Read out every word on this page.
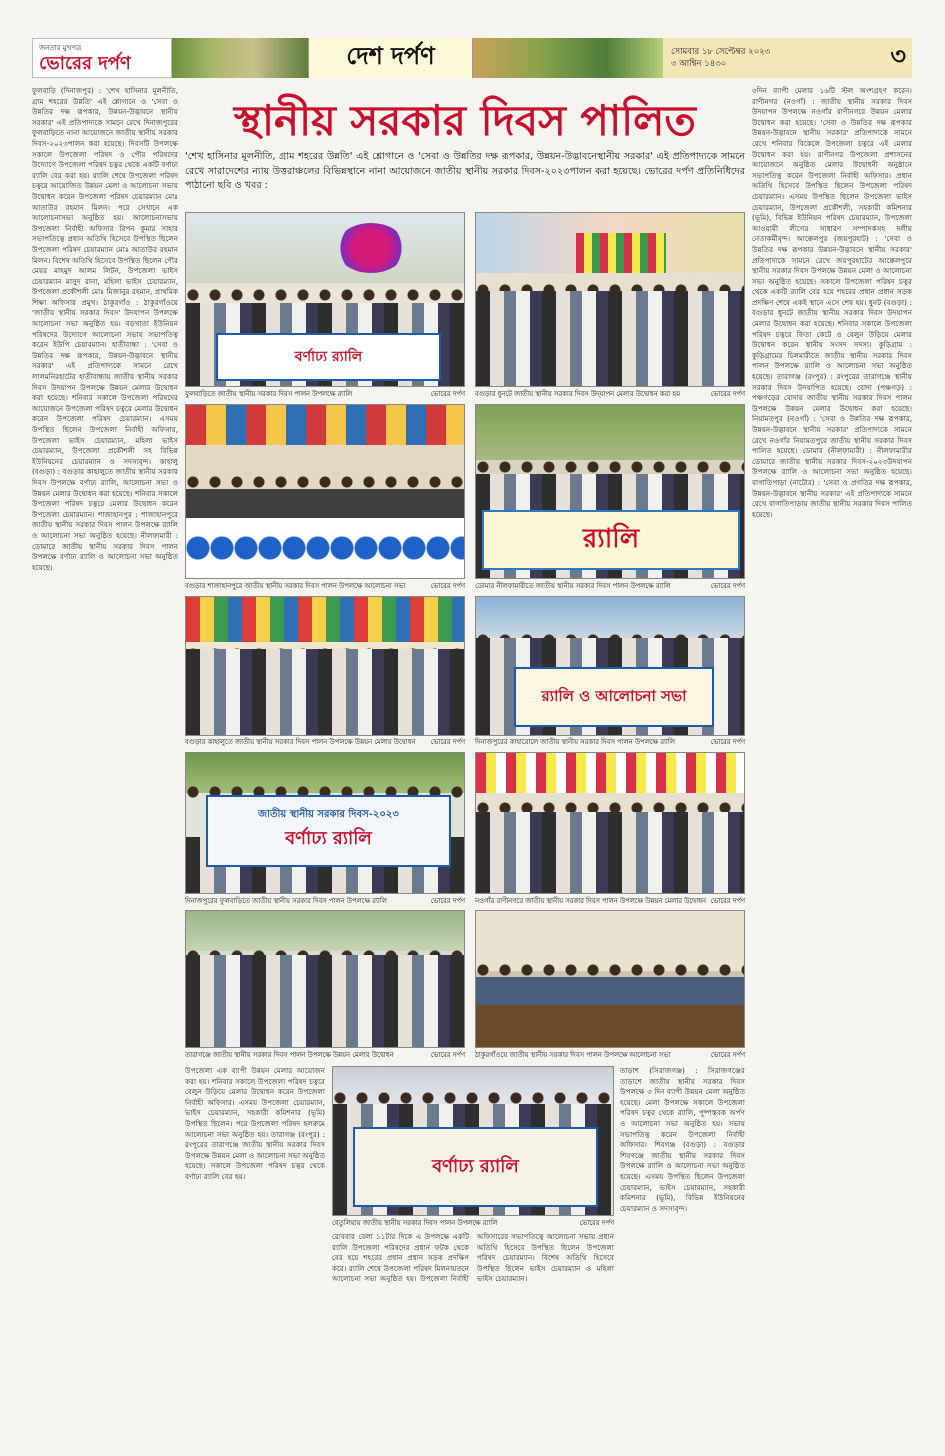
জনতার মুখপত্র
ভোরের দর্পণ	দেশ দর্পণ	সোমবার ১৮ সেপ্টেম্বর ২০২৩
৩ আশ্বিন ১৪৩০	৩

ফুলবাড়ি (দিনাজপুর) : 'শেখ হাসিনার মূলনীতি, গ্রাম শহরের উন্নতি' এই শ্লোগানে ও 'সেবা ও উন্নতির দক্ষ রূপকার, উন্নয়ন-উদ্ভাবনে স্থানীয় সরকার' এই প্রতিপাদ্যকে সামনে রেখে দিনাজপুরের ফুলবাড়িতে নানা আয়োজনে জাতীয় স্থানীয় সরকার দিবস-২০২৩পালন করা হয়েছে। দিবসটি উপলক্ষে সকালে উপজেলা পরিষদ ও পৌর পরিষদের উদ্যোগে উপজেলা পরিষদ চত্বর থেকে একটি বর্ণাঢ্য র‌্যালি বের করা হয়। র‌্যালি শেষে উপজেলা পরিষদ চত্বরে আয়োজিত উন্নয়ন মেলা ও আলোচনা সভায় উদ্বোধন করেন উপজেলা পরিষদ চেয়ারম্যান মোঃ আতাউর রহমান মিলন। পরে সেখানে এক আলোচনাসভা অনুষ্ঠিত হয়। আলোচনাসভায় উপজেলা নির্বাহী অফিসার রিপন কুমার সাহার সভাপতিত্বে প্রধান অতিথি হিসেবে উপস্থিত ছিলেন উপজেলা পরিষদ চেয়ারম্যান মোঃ আতাউর রহমান মিলন। বিশেষ অতিথি হিসেবে উপস্থিত ছিলেন পৌর মেয়র মাহমুদ আলম লিটন, উপজেলা ভাইস চেয়ারম্যান মাসুদ রানা, মহিলা ভাইস চেয়ারম্যান, উপজেলা প্রকৌশলী মোঃ মিজানুর রহমান, প্রাথমিক শিক্ষা অফিসার প্রমুখ। ঠাকুরগাঁও : ঠাকুরগাঁওয়ে 'জাতীয় স্থানীয় সরকার দিবস' উদযাপন উপলক্ষে আলোচনা সভা অনুষ্ঠিত হয়। বড়খাতা ইউনিয়ন পরিষদের উদ্যোগে আলোচনা সভায় সভাপতিত্ব করেন ইউপি চেয়ারম্যান। হাতীবান্ধা : 'সেবা ও উন্নতির দক্ষ রূপকার, উন্নয়ন-উদ্ভাবনে স্থানীয় সরকার' এই প্রতিপাদ্যকে সামনে রেখে লালমনিরহাটের হাতীবান্ধায় জাতীয় স্থানীয় সরকার দিবস উদযাপন উপলক্ষে উন্নয়ন মেলার উদ্বোধন করা হয়েছে। শনিবার সকালে উপজেলা পরিষদের আয়োজনে উপজেলা পরিষদ চত্বরে মেলার উদ্বোধন করেন উপজেলা পরিষদ চেয়ারম্যান। এসময় উপস্থিত ছিলেন উপজেলা নির্বাহী অফিসার, উপজেলা ভাইস চেয়ারম্যান, মহিলা ভাইস চেয়ারম্যান, উপজেলা প্রকৌশলী সহ বিভিন্ন ইউনিয়নের চেয়ারম্যান ও সদস্যবৃন্দ। কাহালু (বগুড়া) : বগুড়ার কাহালুতে জাতীয় স্থানীয় সরকার দিবস উপলক্ষে বর্ণাঢ্য র‌্যালি, আলোচনা সভা ও উন্নয়ন মেলার উদ্বোধন করা হয়েছে। শনিবার সকালে উপজেলা পরিষদ চত্বরে মেলার উদ্বোধন করেন উপজেলা চেয়ারম্যান। শাজাহানপুর : শাজাহানপুরে জাতীয় স্থানীয় সরকার দিবস পালন উপলক্ষে র‌্যালি ও আলোচনা সভা অনুষ্ঠিত হয়েছে। নীলফামারী : ডোমারে জাতীয় স্থানীয় সরকার দিবস পালন উপলক্ষে বর্ণাঢ্য র‌্যালি ও আলোচনা সভা অনুষ্ঠিত হয়েছে।

৩দিন ব্যাপী মেলার ১৬টি স্টল অংশগ্রহণ করেন। রাণীনগর (নওগাঁ) : জাতীয় স্থানীয় সরকার দিবস উদযাপন উপলক্ষে নওগাঁর রাণীনগরে উন্নয়ন মেলার উদ্বোধন করা হয়েছে। 'সেবা ও উন্নতির দক্ষ রূপকার উন্নয়ন-উদ্ভাবনে স্থানীয় সরকার' প্রতিপাদ্যকে সামনে রেখে শনিবার বিকেলে উপজেলা চত্বরে এই মেলার উদ্বোধন করা হয়। রাণীনগর উপজেলা প্রশাসনের আয়োজনে অনুষ্ঠিত মেলার উদ্বোধনী অনুষ্ঠানে সভাপতিত্ব করেন উপজেলা নির্বাহী অফিসার। প্রধান অতিথি হিসেবে উপস্থিত ছিলেন উপজেলা পরিষদ চেয়ারম্যান। এসময় উপস্থিত ছিলেন উপজেলা ভাইস চেয়ারম্যান, উপজেলা প্রকৌশলী, সহকারী কমিশনার (ভূমি), বিভিন্ন ইউনিয়ন পরিষদ চেয়ারম্যান, উপজেলা আওয়ামী লীগের সাধারণ সম্পাদকসহ দলীয় নেতাকর্মীবৃন্দ। আক্কেলপুর (জয়পুরহাট) : 'সেবা ও উন্নতির দক্ষ রূপকার উন্নয়ন-উদ্ভাবনে স্থানীয় সরকার' প্রতিপাদ্যকে সামনে রেখে জয়পুরহাটের আক্কেলপুরে স্থানীয় সরকার দিবস উপলক্ষে উন্নয়ন মেলা ও আলোচনা সভা অনুষ্ঠিত হয়েছে। সকালে উপজেলা পরিষদ চত্বর থেকে একটি র‌্যালি বের হয়ে শহরের প্রধান প্রধান সড়ক প্রদক্ষিণ শেষে একই স্থানে এসে শেষ হয়। ধুনট (বগুড়া) : বগুড়ার ধুনটে জাতীয় স্থানীয় সরকার দিবস উদযাপন মেলার উদ্বোধন করা হয়েছে। শনিবার সকালে উপজেলা পরিষদ চত্বরে ফিতা কেটে ও বেলুন উড়িয়ে মেলার উদ্বোধন করেন স্থানীয় সংসদ সদস্য। কুড়িগ্রাম : কুড়িগ্রামের চিলমারীতে জাতীয় স্থানীয় সরকার দিবস পালন উপলক্ষে র‌্যালি ও আলোচনা সভা অনুষ্ঠিত হয়েছে। তারাগঞ্জ (রংপুর) : রংপুরের তারাগঞ্জে স্থানীয় সরকার দিবস উদযাপিত হয়েছে। বোদা (পঞ্চগড়) : পঞ্চগড়ের বোদায় জাতীয় স্থানীয় সরকার দিবস পালন উপলক্ষে উন্নয়ন মেলার উদ্বোধন করা হয়েছে। নিয়ামতপুর (নওগাঁ) : 'সেবা ও উন্নতির দক্ষ রূপকার, উন্নয়ন-উদ্ভাবনে স্থানীয় সরকার' প্রতিপাদ্যকে সামনে রেখে নওগাঁর নিয়ামতপুরে জাতীয় স্থানীয় সরকার দিবস পালিত হয়েছে। ডোমার (নীলফামারী) : নীলফামারীর ডোমারে জাতীয় স্থানীয় সরকার দিবস-২০২৩উদযাপন উপলক্ষে র‌্যালি ও আলোচনা সভা অনুষ্ঠিত হয়েছে। বাগাতিপাড়া (নাটোর) : 'সেবা ও প্রগতির দক্ষ রূপকার, উন্নয়ন-উদ্ভাবনে স্থানীয় সরকার' এই প্রতিপাদ্যকে সামনে রেখে বাগাতিপাড়ায় জাতীয় স্থানীয় সরকার দিবস পালিত হয়েছে।

স্থানীয় সরকার দিবস পালিত
'শেখ হাসিনার মূলনীতি, গ্রাম শহরের উন্নতি' এই শ্লোগানে ও 'সেবা ও উন্নতির দক্ষ রূপকার, উন্নয়ন-উদ্ভাবনেস্থানীয় সরকার' এই প্রতিপাদ্যকে সামনে রেখে সারাদেশের ন্যায় উত্তরাঞ্চলের বিভিন্নস্থানে নানা আয়োজনে জাতীয় স্থানীয় সরকার দিবস-২০২৩পালন করা হয়েছে। ভোরের দর্পণ প্রতিনিধিদের পাঠানো ছবি ও খবর :
বর্ণাঢ্য র‌্যালি
ফুলবাড়িতে জাতীয় স্থানীয় সরকার দিবস পালন উপলক্ষে র‌্যালি	ভোরের দর্পণ বগুড়ার ধুনটে জাতীয় স্থানীয় সরকার দিবস উদ্‌যাপন মেলার উদ্বোধন করা হয়	ভোরের দর্পণ
বগুড়ার শাজাহানপুরে জাতীয় স্থানীয় সরকার দিবস পালন উপলক্ষে আলোচনা সভা	ভোরের দর্পণ
র‌্যালি
ডোমার নীলফামারীতে জাতীয় স্থানীয় সরকার দিবস পালন উপলক্ষে র‌্যালি	ভোরের দর্পণ
বগুড়ার কাহালুতে জাতীয় স্থানীয় সরকার দিবস পালন উপলক্ষে উন্নয়ন মেলার উদ্বোধন ভোরের দর্পণ
র‌্যালি ও আলোচনা সভা
দিনাজপুরের কাহারোলে জাতীয় স্থানীয় সরকার দিবস পালন উপলক্ষে র‌্যালি	ভোরের দর্পণ
জাতীয় স্থানীয় সরকার দিবস-২০২৩
বর্ণাঢ্য র‌্যালি
দিনাজপুরের ফুলবাড়িতে জাতীয় স্থানীয় সরকার দিবস পালন উপলক্ষে র‌্যালি	ভোরের দর্পণ নওগাঁর রাণীনগরে জাতীয় স্থানীয় সরকার দিবস পালন উপলক্ষে উন্নয়ন মেলার উদ্বোধন ভোরের দর্পণ
তারাগঞ্জে জাতীয় স্থানীয় সরকার দিবস পালন উপলক্ষে উন্নয়ন মেলার উদ্বোধন	ভোরের দর্পণ ঠাকুরগাঁওয়ে জাতীয় স্থানীয় সরকার দিবস পালন উপলক্ষে আলোচনা সভা	ভোরের দর্পণ

উপজেলা এক ব্যাপী উন্নয়ন মেলার আয়োজন করা হয়। শনিবার সকালে উপজেলা পরিষদ চত্বরে বেলুন উড়িয়ে মেলার উদ্বোধন করেন উপজেলা নির্বাহী অফিসার। এসময় উপজেলা চেয়ারম্যান, ভাইস চেয়ারম্যান, সহকারী কমিশনার (ভূমি) উপস্থিত ছিলেন। পরে উপজেলা পরিষদ হলরুমে আলোচনা সভা অনুষ্ঠিত হয়। তারাগঞ্জ (রংপুর) : রংপুরের তারাগঞ্জে জাতীয় স্থানীয় সরকার দিবস উপলক্ষে উন্নয়ন মেলা ও আলোচনা সভা অনুষ্ঠিত হয়েছে। সকালে উপজেলা পরিষদ চত্বর থেকে বর্ণাঢ্য র‌্যালি বের হয়।	বর্ণাঢ্য র‌্যালি
বেতুলিয়ায় জাতীয় স্থানীয় সরকার দিবস পালন উপলক্ষে র‌্যালি	ভোরের দর্পণ

রোববার বেলা ১১টার দিকে এ উপলক্ষে একটি র‌্যালি উপজেলা পরিষদের প্রধান ফটক থেকে বের হয়ে শহরের প্রধান প্রধান সড়ক প্রদক্ষিণ করে। র‌্যালি শেষে উপজেলা পরিষদ মিলনায়তনে আলোচনা সভা অনুষ্ঠিত হয়। উপজেলা নির্বাহী অফিসারের সভাপতিত্বে আলোচনা সভায় প্রধান অতিথি হিসেবে উপস্থিত ছিলেন উপজেলা পরিষদ চেয়ারম্যান। বিশেষ অতিথি হিসেবে উপস্থিত ছিলেন ভাইস চেয়ারম্যান ও মহিলা ভাইস চেয়ারম্যান।

তাড়াশ (সিরাজগঞ্জ) : সিরাজগঞ্জের তাড়াশে জাতীয় স্থানীয় সরকার দিবস উপলক্ষে ৩ দিন ব্যাপী উন্নয়ন মেলা অনুষ্ঠিত হয়েছে। মেলা উপলক্ষে সকালে উপজেলা পরিষদ চত্বর থেকে র‌্যালি, পুষ্পস্তবক অর্পণ ও আলোচনা সভা অনুষ্ঠিত হয়। সভায় সভাপতিত্ব করেন উপজেলা নির্বাহী অফিসার। শিবগঞ্জ (বগুড়া) : বগুড়ার শিবগঞ্জে জাতীয় স্থানীয় সরকার দিবস উপলক্ষে র‌্যালি ও আলোচনা সভা অনুষ্ঠিত হয়েছে। এসময় উপস্থিত ছিলেন উপজেলা চেয়ারম্যান, ভাইস চেয়ারম্যান, সহকারী কমিশনার (ভূমি), বিভিন্ন ইউনিয়নের চেয়ারম্যান ও সদস্যবৃন্দ।
